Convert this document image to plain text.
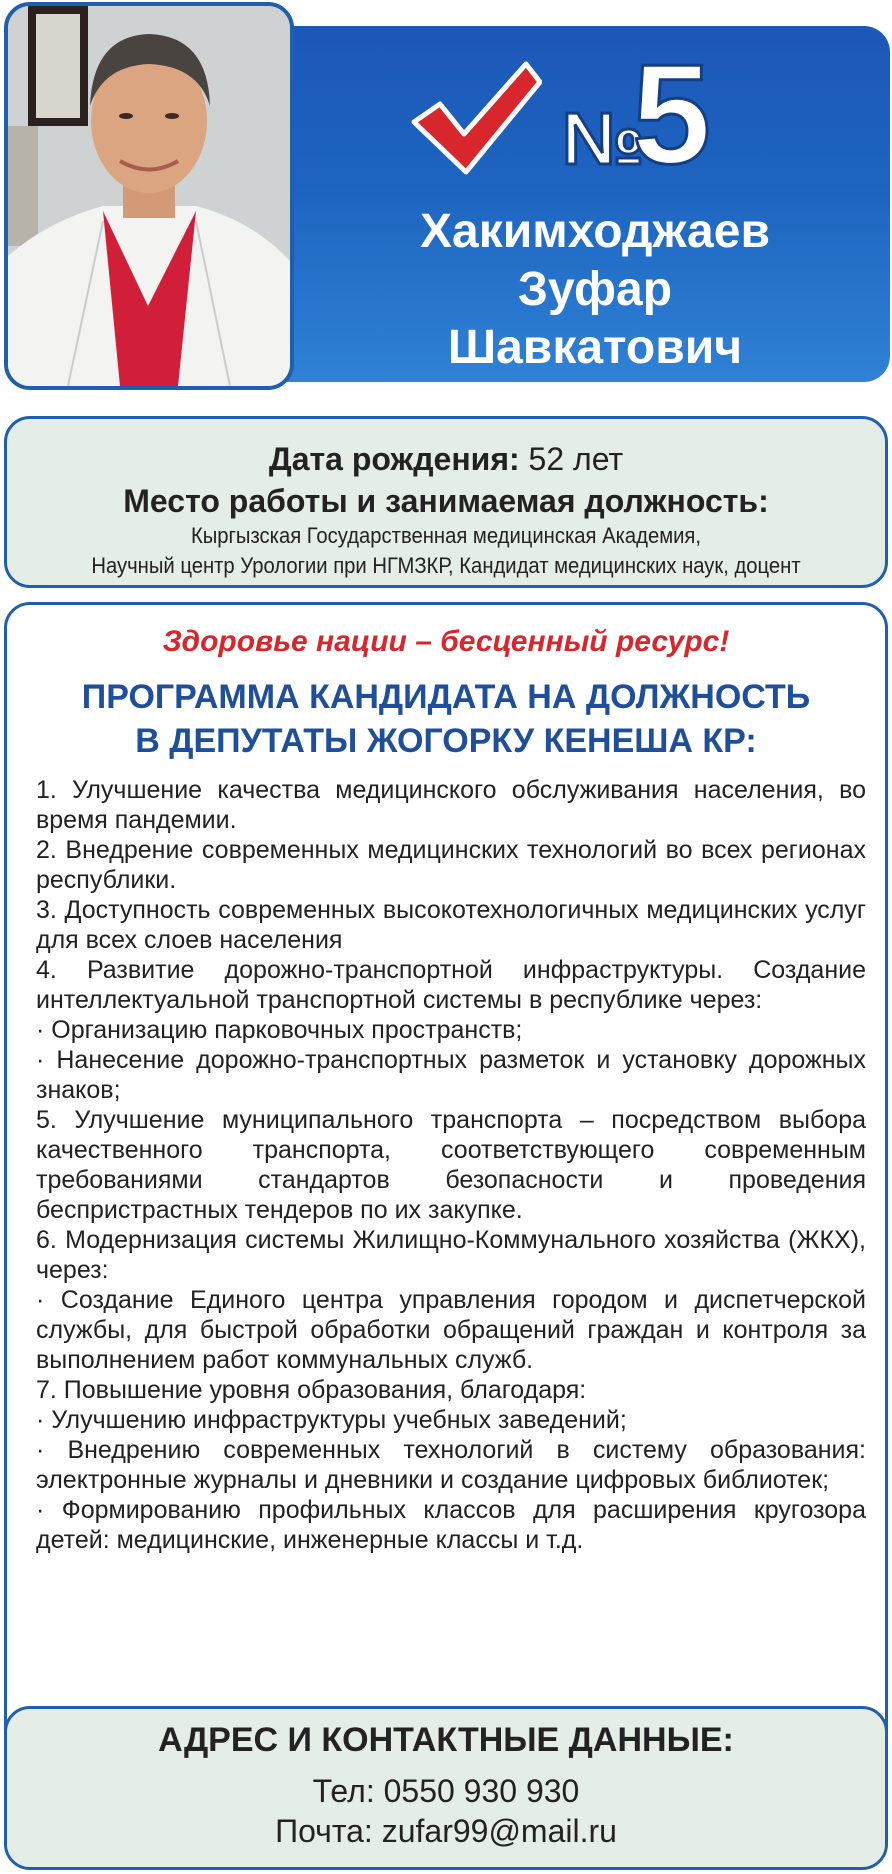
№
5
Хакимходжаев
Зуфар
Шавкатович
Дата рождения: 52 лет
Место работы и занимаемая должность:
Кыргызская Государственная медицинская Академия,
Научный центр Урологии при НГМЗКР, Кандидат медицинских наук, доцент
Здоровье нации – бесценный ресурс!
ПРОГРАММА КАНДИДАТА НА ДОЛЖНОСТЬ
В ДЕПУТАТЫ ЖОГОРКУ КЕНЕША КР:

1. Улучшение качества медицинского обслуживания населения, во время пандемии.

2. Внедрение современных медицинских технологий во всех регионах республики.

3. Доступность современных высокотехнологичных медицинских услуг для всех слоев населения

4. Развитие дорожно-транспортной инфраструктуры. Создание интеллектуальной транспортной системы в республике через:

· Организацию парковочных пространств;

· Нанесение дорожно-транспортных разметок и установку дорожных знаков;

5. Улучшение муниципального транспорта – посредством выбора качественного транспорта, соответствующего современным требованиями стандартов безопасности и проведения беспристрастных тендеров по их закупке.

6. Модернизация системы Жилищно-Коммунального хозяйства (ЖКХ), через:

· Создание Единого центра управления городом и диспетчерской службы, для быстрой обработки обращений граждан и контроля за выполнением работ коммунальных служб.

7. Повышение уровня образования, благодаря:

· Улучшению инфраструктуры учебных заведений;

· Внедрению современных технологий в систему образования: электронные журналы и дневники и создание цифровых библиотек;

· Формированию профильных классов для расширения кругозора детей: медицинские, инженерные классы и т.д.

АДРЕС И КОНТАКТНЫЕ ДАННЫЕ:
Тел: 0550 930 930
Почта: zufar99@mail.ru
